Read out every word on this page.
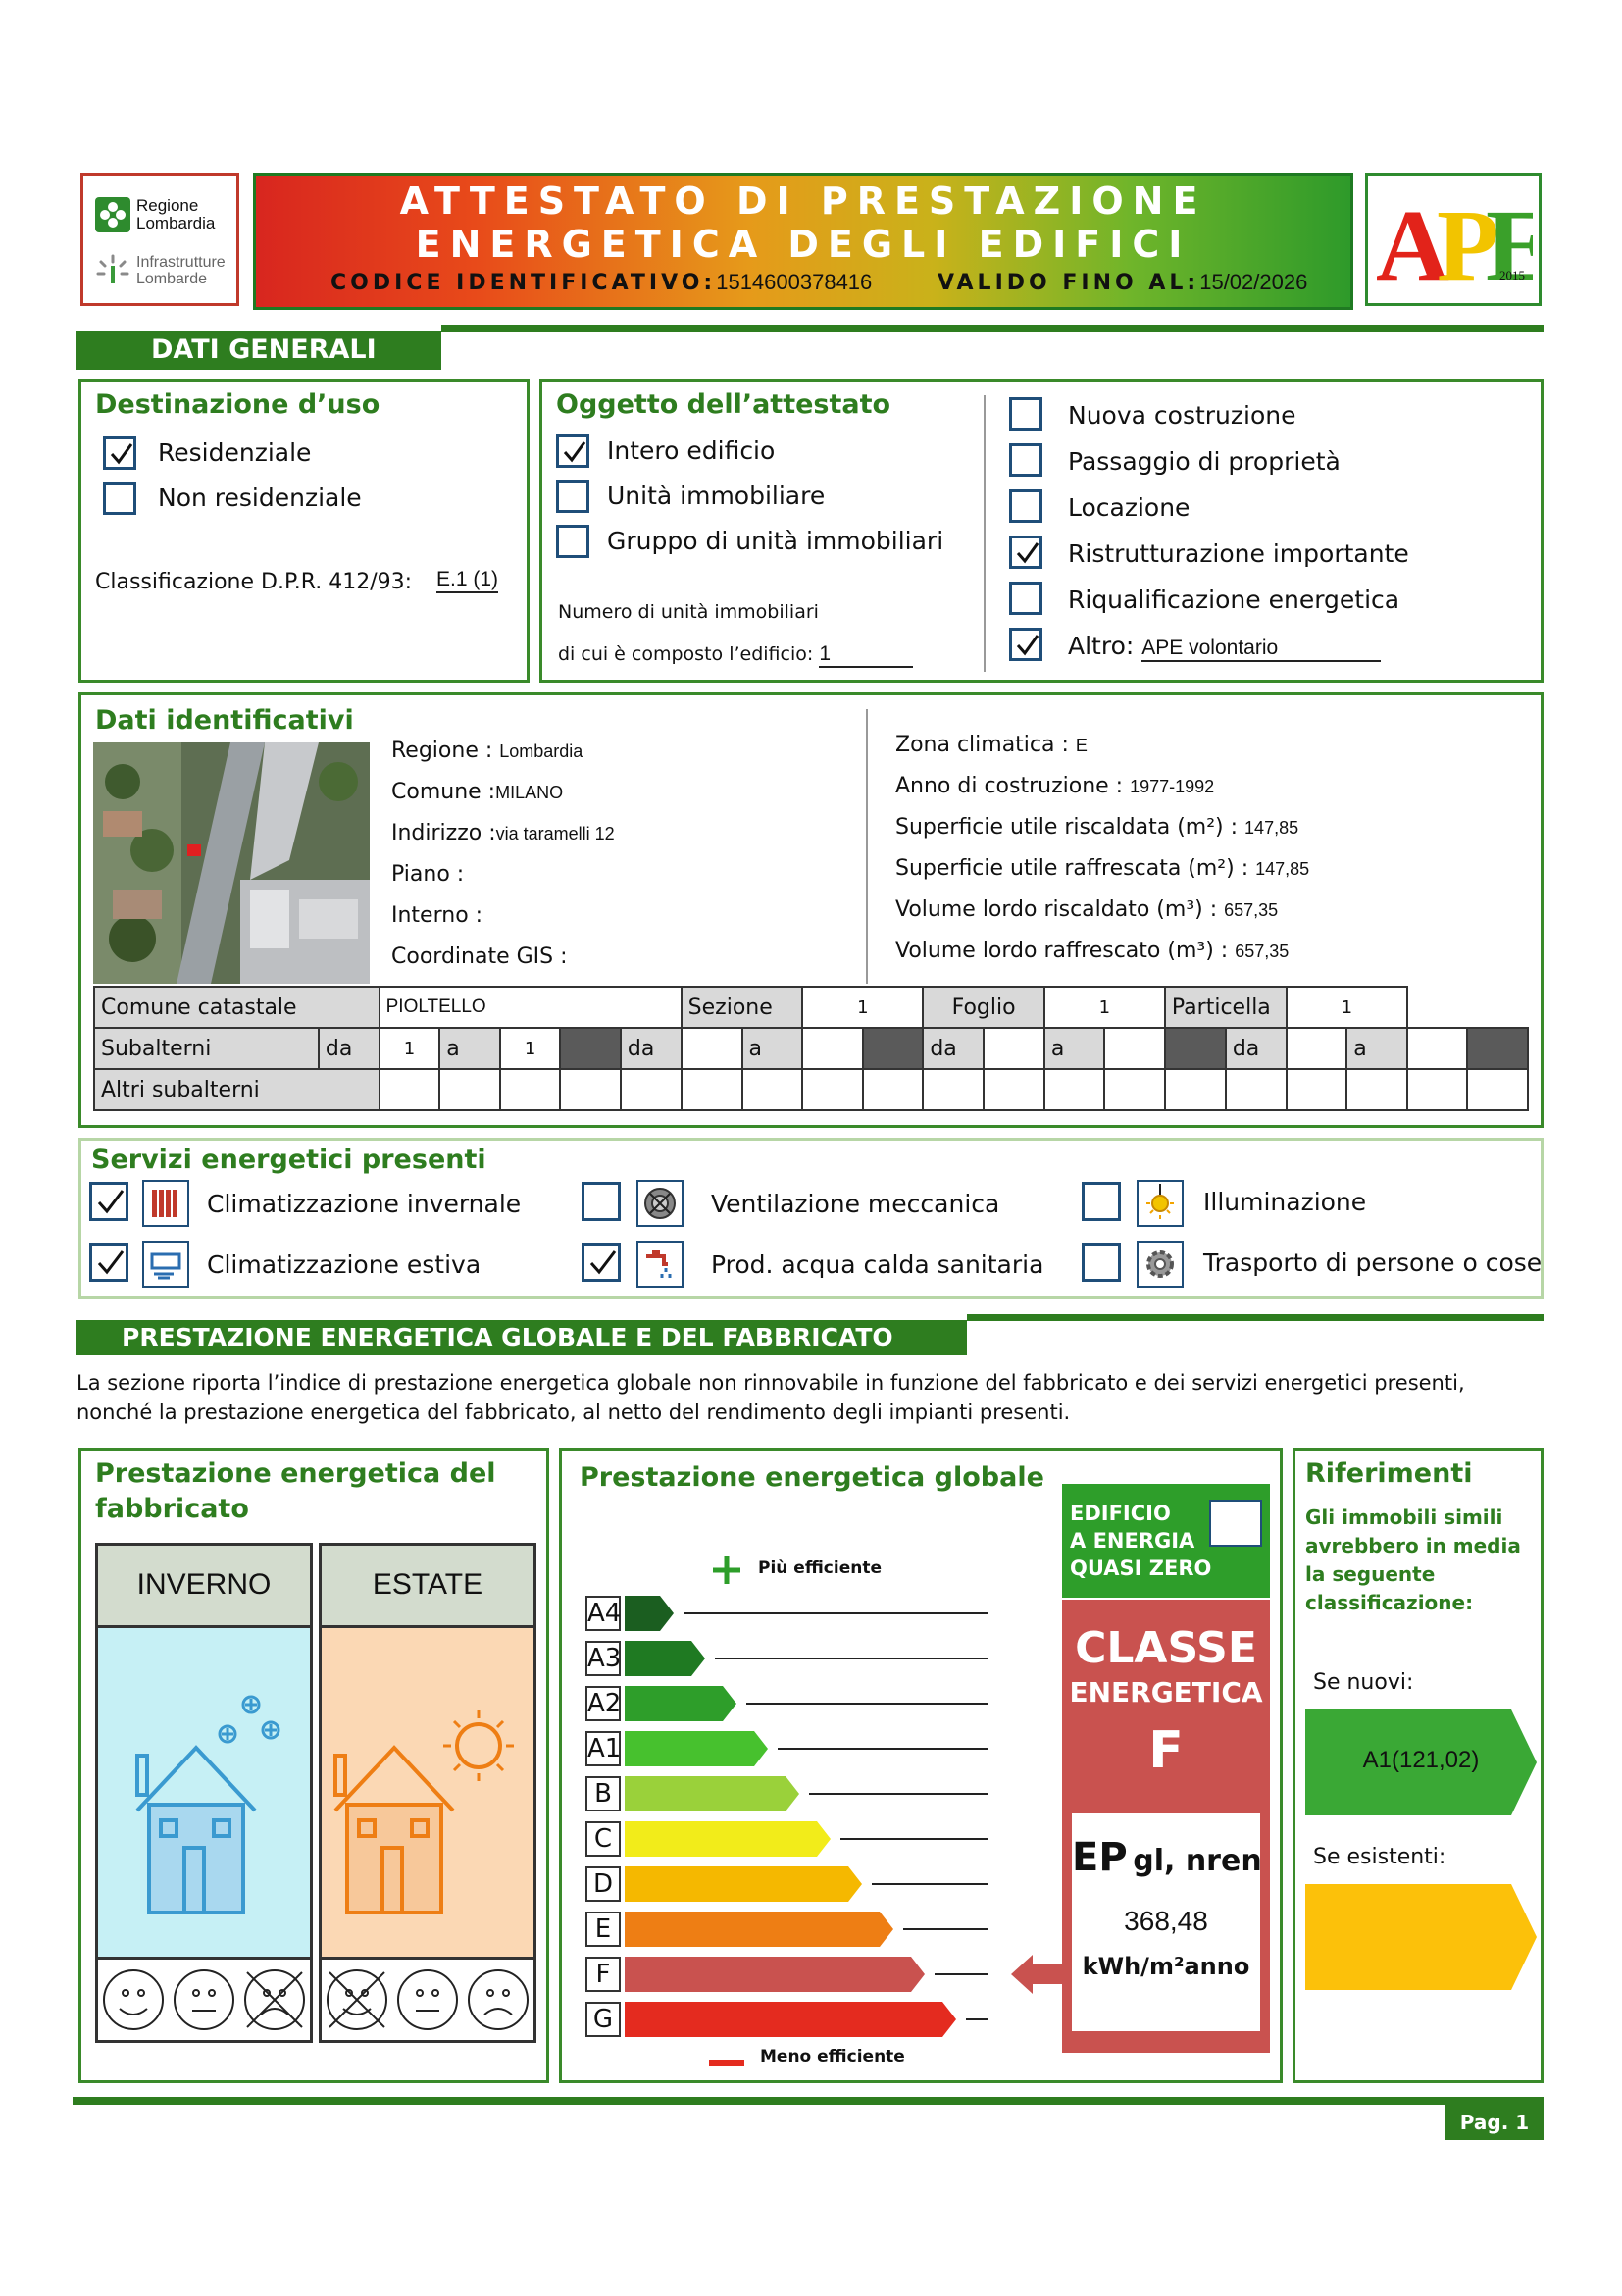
Regione
Lombardia
Infrastrutture
Lombarde
ATTESTATO DI PRESTAZIONE
ENERGETICA DEGLI EDIFICI
CODICE IDENTIFICATIVO:1514600378416	VALIDO FINO AL:15/02/2026 A
P
E
2015
DATI GENERALI
Destinazione d’uso
Residenziale
Non residenziale
Classificazione D.P.R. 412/93: E.1 (1)
Oggetto dell’attestato
Intero edificio
Unità immobiliare
Gruppo di unità immobiliari
Numero di unità immobiliari
di cui è composto l’edificio: 1
Nuova costruzione
Passaggio di proprietà
Locazione
Ristrutturazione importante
Riqualificazione energetica
Altro: APE volontario
Dati identificativi
Regione : Lombardia
Comune :MILANO
Indirizzo :via taramelli 12
Piano :
Interno :
Coordinate GIS :
Zona climatica : E
Anno di costruzione : 1977-1992
Superficie utile riscaldata (m²) : 147,85
Superficie utile raffrescata (m²) : 147,85
Volume lordo riscaldato (m³) : 657,35
Volume lordo raffrescato (m³) : 657,35
Comune catastale		PIOLTELLO					Sezione		1		Foglio		1		Particella		1			
Subalterni	da	1	a	1		da		a			da		a			da		a		
Altri subalterni																				
Servizi energetici presenti
Climatizzazione invernale
Climatizzazione estiva
Ventilazione meccanica
Prod. acqua calda sanitaria
Illuminazione
Trasporto di persone o cose
PRESTAZIONE ENERGETICA GLOBALE E DEL FABBRICATO
La sezione riporta l’indice di prestazione energetica globale non rinnovabile in funzione del fabbricato e dei servizi energetici presenti,
nonché la prestazione energetica del fabbricato, al netto del rendimento degli impianti presenti.
Prestazione energetica del
fabbricato
INVERNO	ESTATE
Prestazione energetica globale
Più efficiente
A4
A3
A2
A1
B
C
D
E
F
G
Meno efficiente
EDIFICIO
A ENERGIA
QUASI ZERO
CLASSE
ENERGETICA
F
EP gl, nren
368,48
kWh/m²anno
Riferimenti
Gli immobili simili
avrebbero in media
la seguente
classificazione:
Se nuovi:
A1(121,02)
Se esistenti:
Pag. 1
